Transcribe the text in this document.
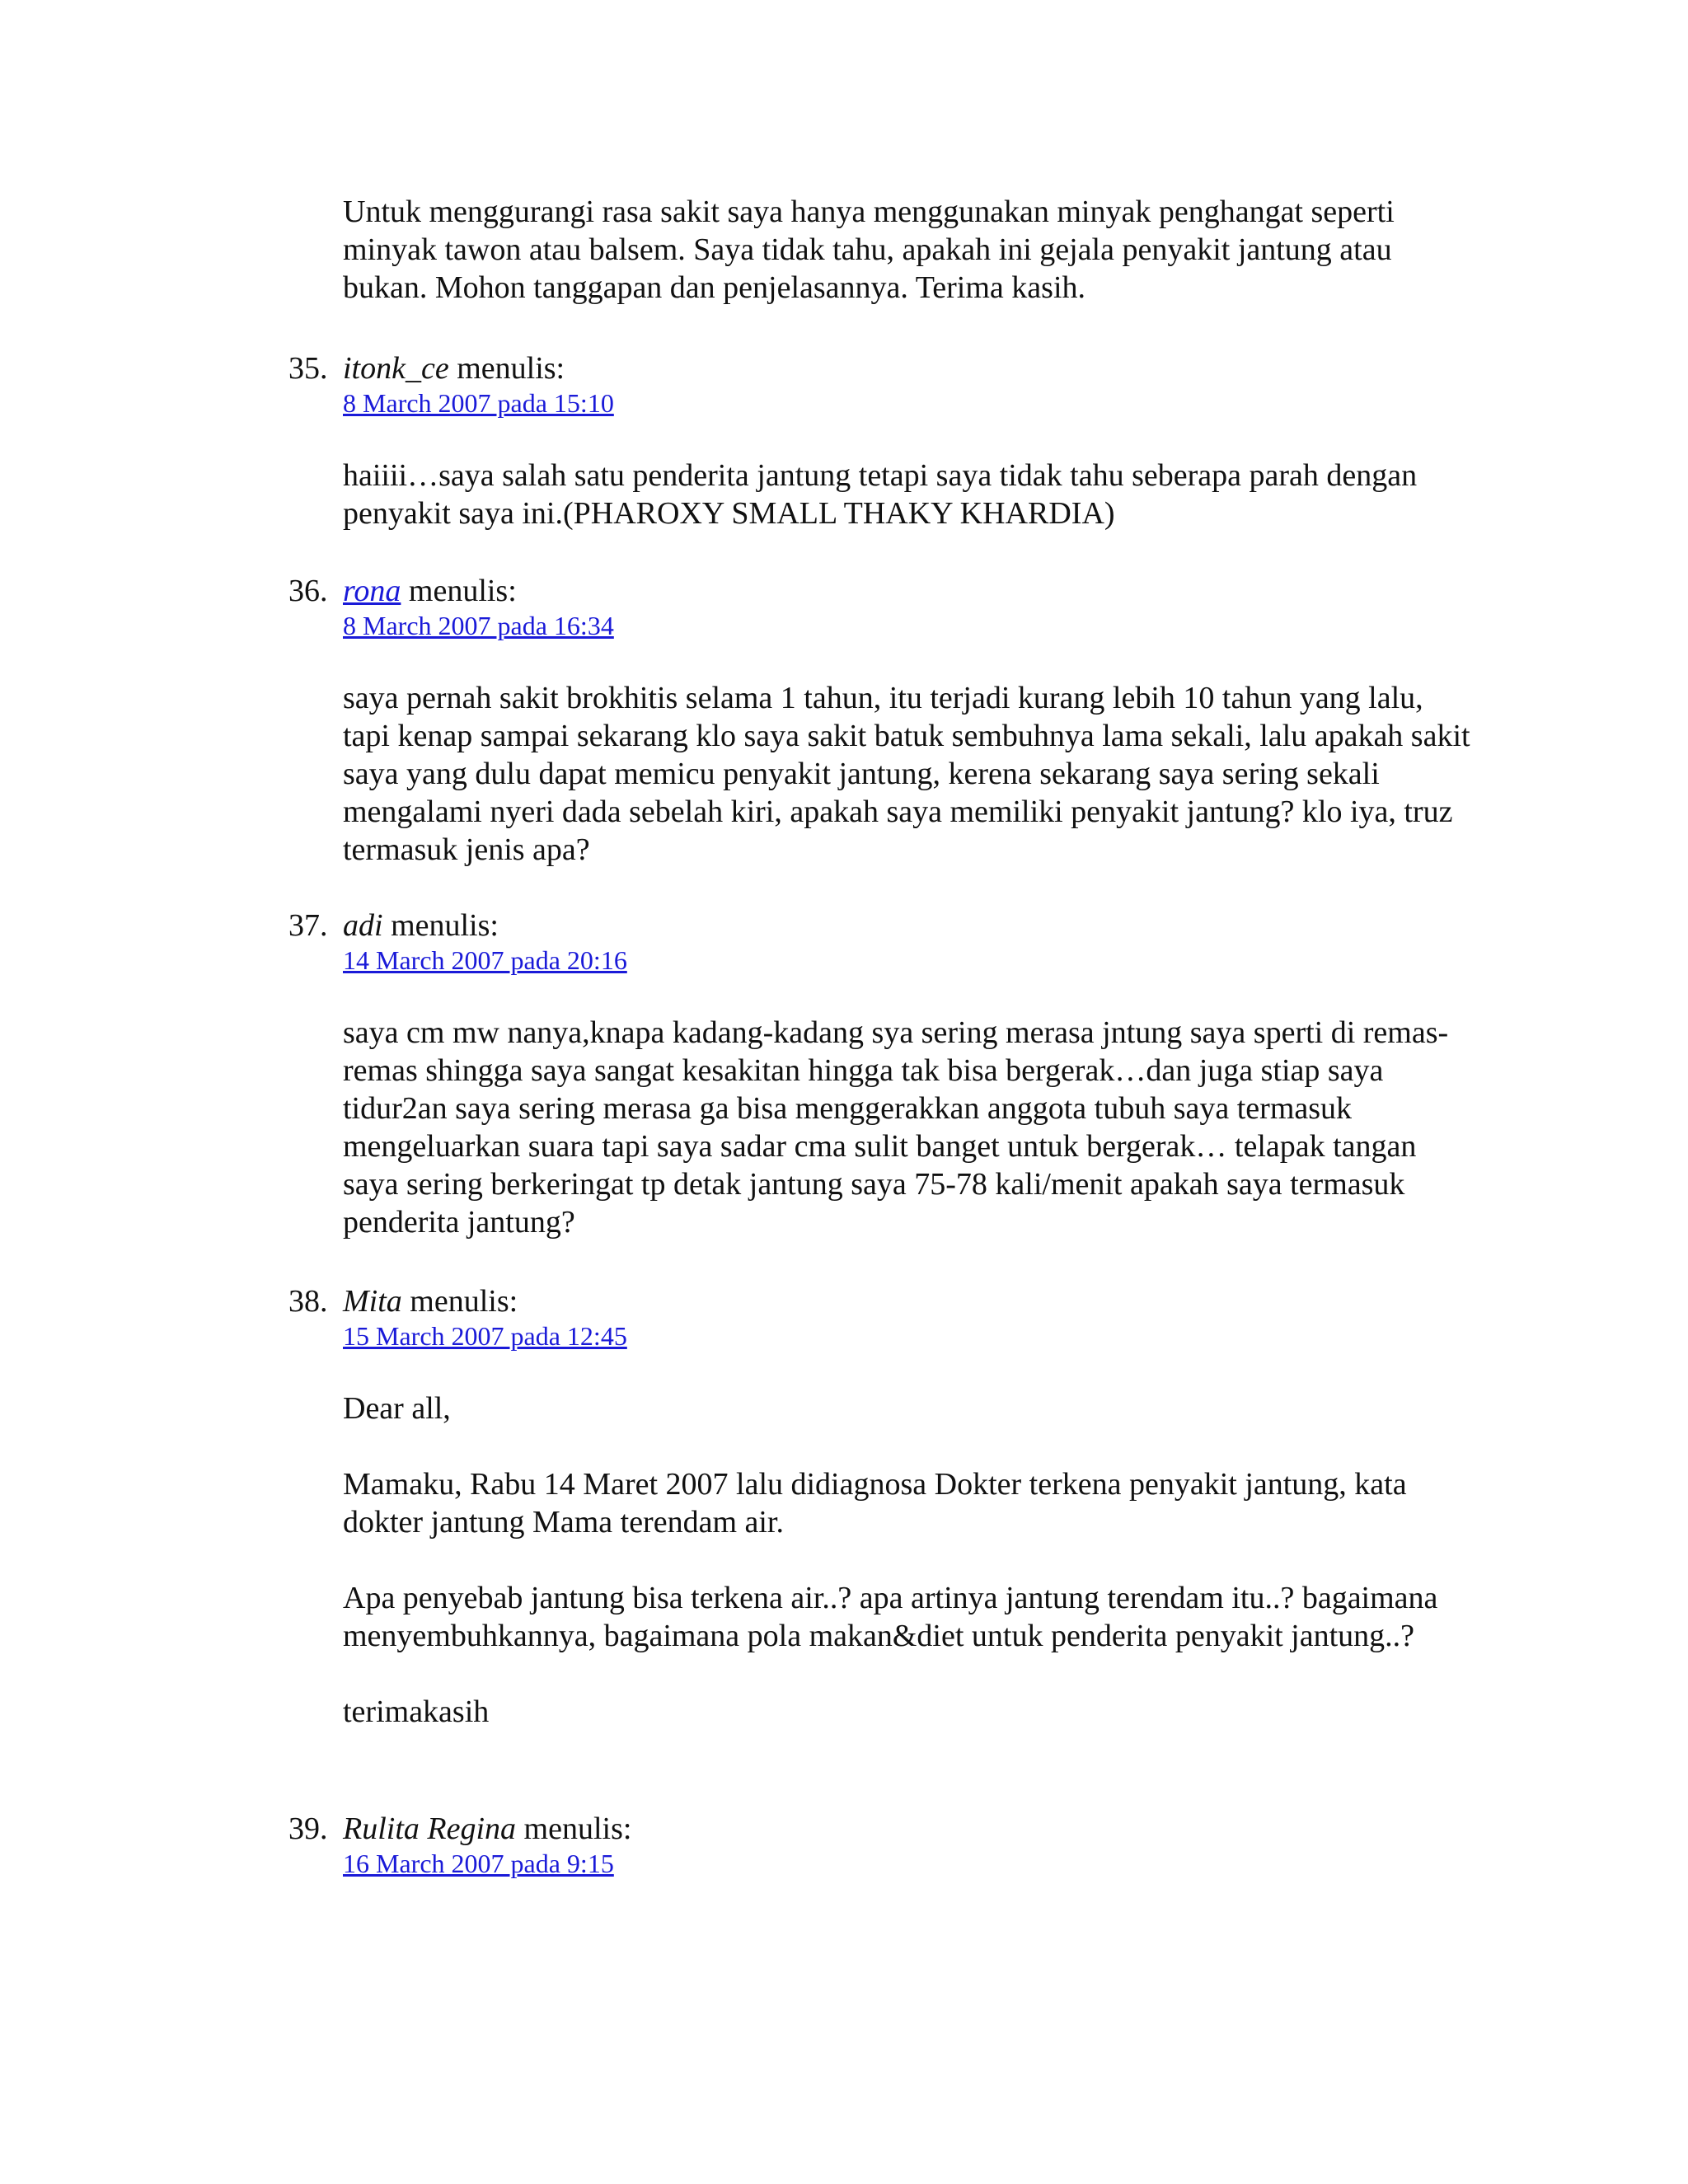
Untuk menggurangi rasa sakit saya hanya menggunakan minyak penghangat seperti minyak tawon atau balsem. Saya tidak tahu, apakah ini gejala penyakit jantung atau bukan. Mohon tanggapan dan penjelasannya. Terima kasih.

35. itonk_ce menulis:
8 March 2007 pada 15:10

haiiii…saya salah satu penderita jantung tetapi saya tidak tahu seberapa parah dengan penyakit saya ini.(PHAROXY SMALL THAKY KHARDIA)

36. rona menulis:
8 March 2007 pada 16:34

saya pernah sakit brokhitis selama 1 tahun, itu terjadi kurang lebih 10 tahun yang lalu, tapi kenap sampai sekarang klo saya sakit batuk sembuhnya lama sekali, lalu apakah sakit saya yang dulu dapat memicu penyakit jantung, kerena sekarang saya sering sekali mengalami nyeri dada sebelah kiri, apakah saya memiliki penyakit jantung? klo iya, truz termasuk jenis apa?

37. adi menulis:
14 March 2007 pada 20:16

saya cm mw nanya,knapa kadang-kadang sya sering merasa jntung saya sperti di remas-remas shingga saya sangat kesakitan hingga tak bisa bergerak…dan juga stiap saya tidur2an saya sering merasa ga bisa menggerakkan anggota tubuh saya termasuk mengeluarkan suara tapi saya sadar cma sulit banget untuk bergerak… telapak tangan saya sering berkeringat tp detak jantung saya 75-78 kali/menit apakah saya termasuk penderita jantung?

38. Mita menulis:
15 March 2007 pada 12:45

Dear all,

Mamaku, Rabu 14 Maret 2007 lalu didiagnosa Dokter terkena penyakit jantung, kata dokter jantung Mama terendam air.

Apa penyebab jantung bisa terkena air..? apa artinya jantung terendam itu..? bagaimana menyembuhkannya, bagaimana pola makan&diet untuk penderita penyakit jantung..?

terimakasih

39. Rulita Regina menulis:
16 March 2007 pada 9:15
